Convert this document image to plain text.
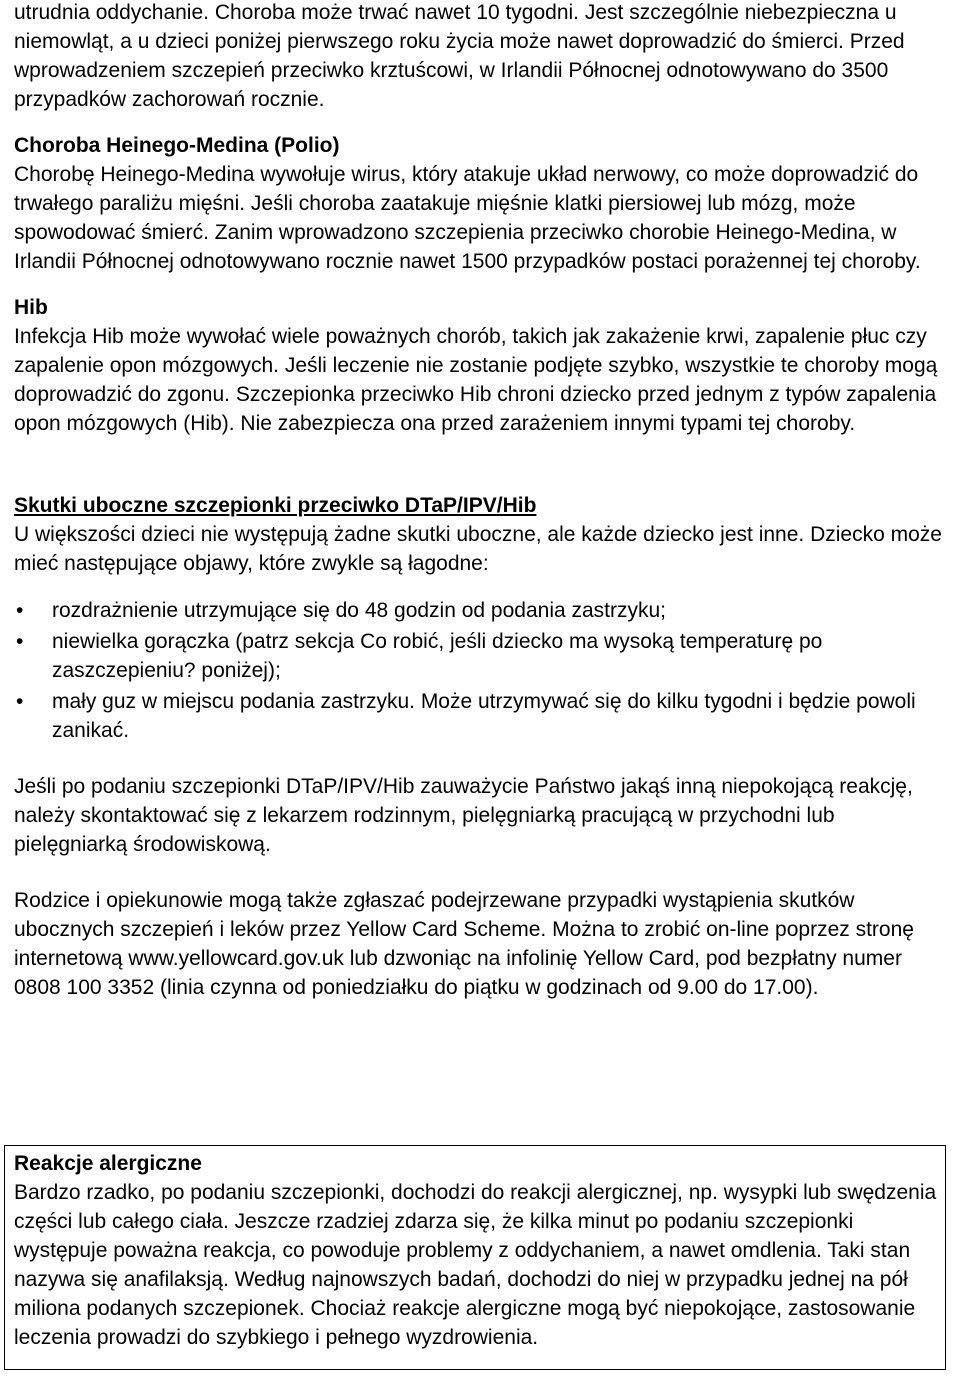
utrudnia oddychanie. Choroba może trwać nawet 10 tygodni. Jest szczególnie niebezpieczna u niemowląt, a u dzieci poniżej pierwszego roku życia może nawet doprowadzić do śmierci. Przed wprowadzeniem szczepień przeciwko krztuścowi, w Irlandii Północnej odnotowywano do 3500 przypadków zachorowań rocznie.

Choroba Heinego-Medina (Polio)

Chorobę Heinego-Medina wywołuje wirus, który atakuje układ nerwowy, co może doprowadzić do trwałego paraliżu mięśni. Jeśli choroba zaatakuje mięśnie klatki piersiowej lub mózg, może spowodować śmierć. Zanim wprowadzono szczepienia przeciwko chorobie Heinego-Medina, w Irlandii Północnej odnotowywano rocznie nawet 1500 przypadków postaci porażennej tej choroby.

Hib

Infekcja Hib może wywołać wiele poważnych chorób, takich jak zakażenie krwi, zapalenie płuc czy zapalenie opon mózgowych. Jeśli leczenie nie zostanie podjęte szybko, wszystkie te choroby mogą doprowadzić do zgonu. Szczepionka przeciwko Hib chroni dziecko przed jednym z typów zapalenia opon mózgowych (Hib). Nie zabezpiecza ona przed zarażeniem innymi typami tej choroby.

Skutki uboczne szczepionki przeciwko DTaP/IPV/Hib

U większości dzieci nie występują żadne skutki uboczne, ale każde dziecko jest inne. Dziecko może mieć następujące objawy, które zwykle są łagodne:

• rozdrażnienie utrzymujące się do 48 godzin od podania zastrzyku;
• niewielka gorączka (patrz sekcja Co robić, jeśli dziecko ma wysoką temperaturę po zaszczepieniu? poniżej);
• mały guz w miejscu podania zastrzyku. Może utrzymywać się do kilku tygodni i będzie powoli zanikać.

Jeśli po podaniu szczepionki DTaP/IPV/Hib zauważycie Państwo jakąś inną niepokojącą reakcję, należy skontaktować się z lekarzem rodzinnym, pielęgniarką pracującą w przychodni lub pielęgniarką środowiskową.

Rodzice i opiekunowie mogą także zgłaszać podejrzewane przypadki wystąpienia skutków ubocznych szczepień i leków przez Yellow Card Scheme. Można to zrobić on-line poprzez stronę internetową www.yellowcard.gov.uk lub dzwoniąc na infolinię Yellow Card, pod bezpłatny numer 0808 100 3352 (linia czynna od poniedziałku do piątku w godzinach od 9.00 do 17.00).

Reakcje alergiczne

Bardzo rzadko, po podaniu szczepionki, dochodzi do reakcji alergicznej, np. wysypki lub swędzenia części lub całego ciała. Jeszcze rzadziej zdarza się, że kilka minut po podaniu szczepionki występuje poważna reakcja, co powoduje problemy z oddychaniem, a nawet omdlenia. Taki stan nazywa się anafilaksją. Według najnowszych badań, dochodzi do niej w przypadku jednej na pół miliona podanych szczepionek. Chociaż reakcje alergiczne mogą być niepokojące, zastosowanie leczenia prowadzi do szybkiego i pełnego wyzdrowienia.
